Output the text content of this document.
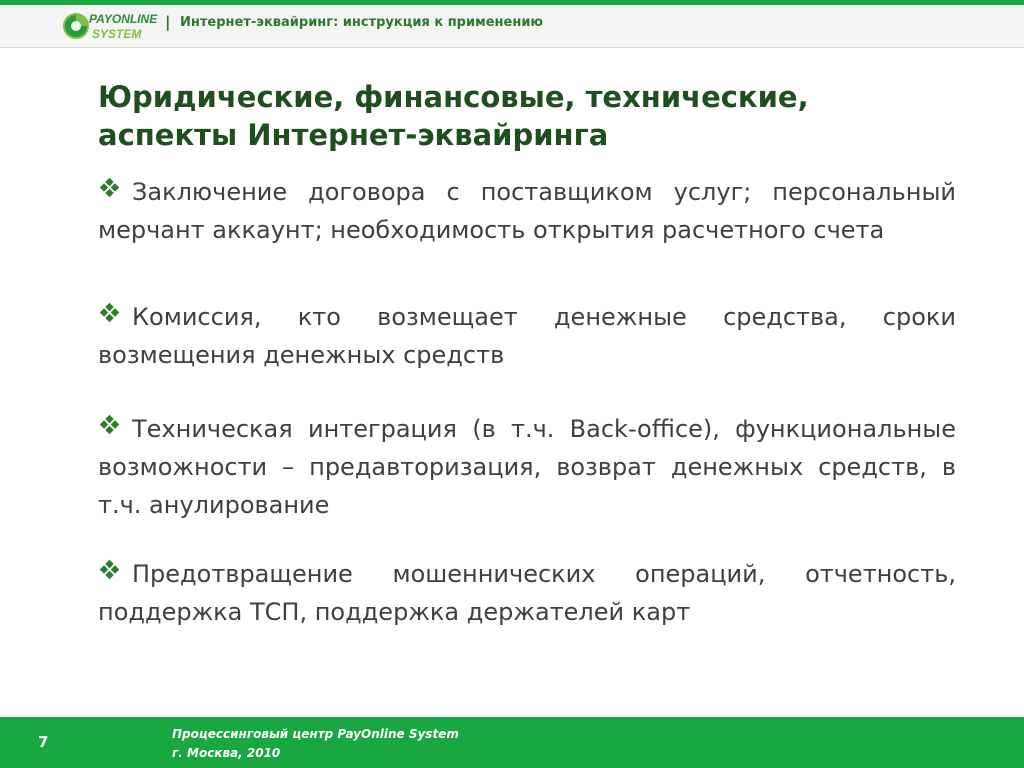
PAYONLINE
SYSTEM
| Интернет-эквайринг: инструкция к применению
Юридические, финансовые, технические,
аспекты Интернет-эквайринга
Заключение договора с поставщиком услуг; персональный мерчант аккаунт; необходимость открытия расчетного счета
Комиссия, кто возмещает денежные средства, сроки возмещения денежных средств
Техническая интеграция (в т.ч. Back-office), функциональные возможности – предавторизация, возврат денежных средств, в т.ч. анулирование
Предотвращение мошеннических операций, отчетность, поддержка ТСП, поддержка держателей карт
7	Процессинговый центр PayOnline System
г. Москва, 2010
